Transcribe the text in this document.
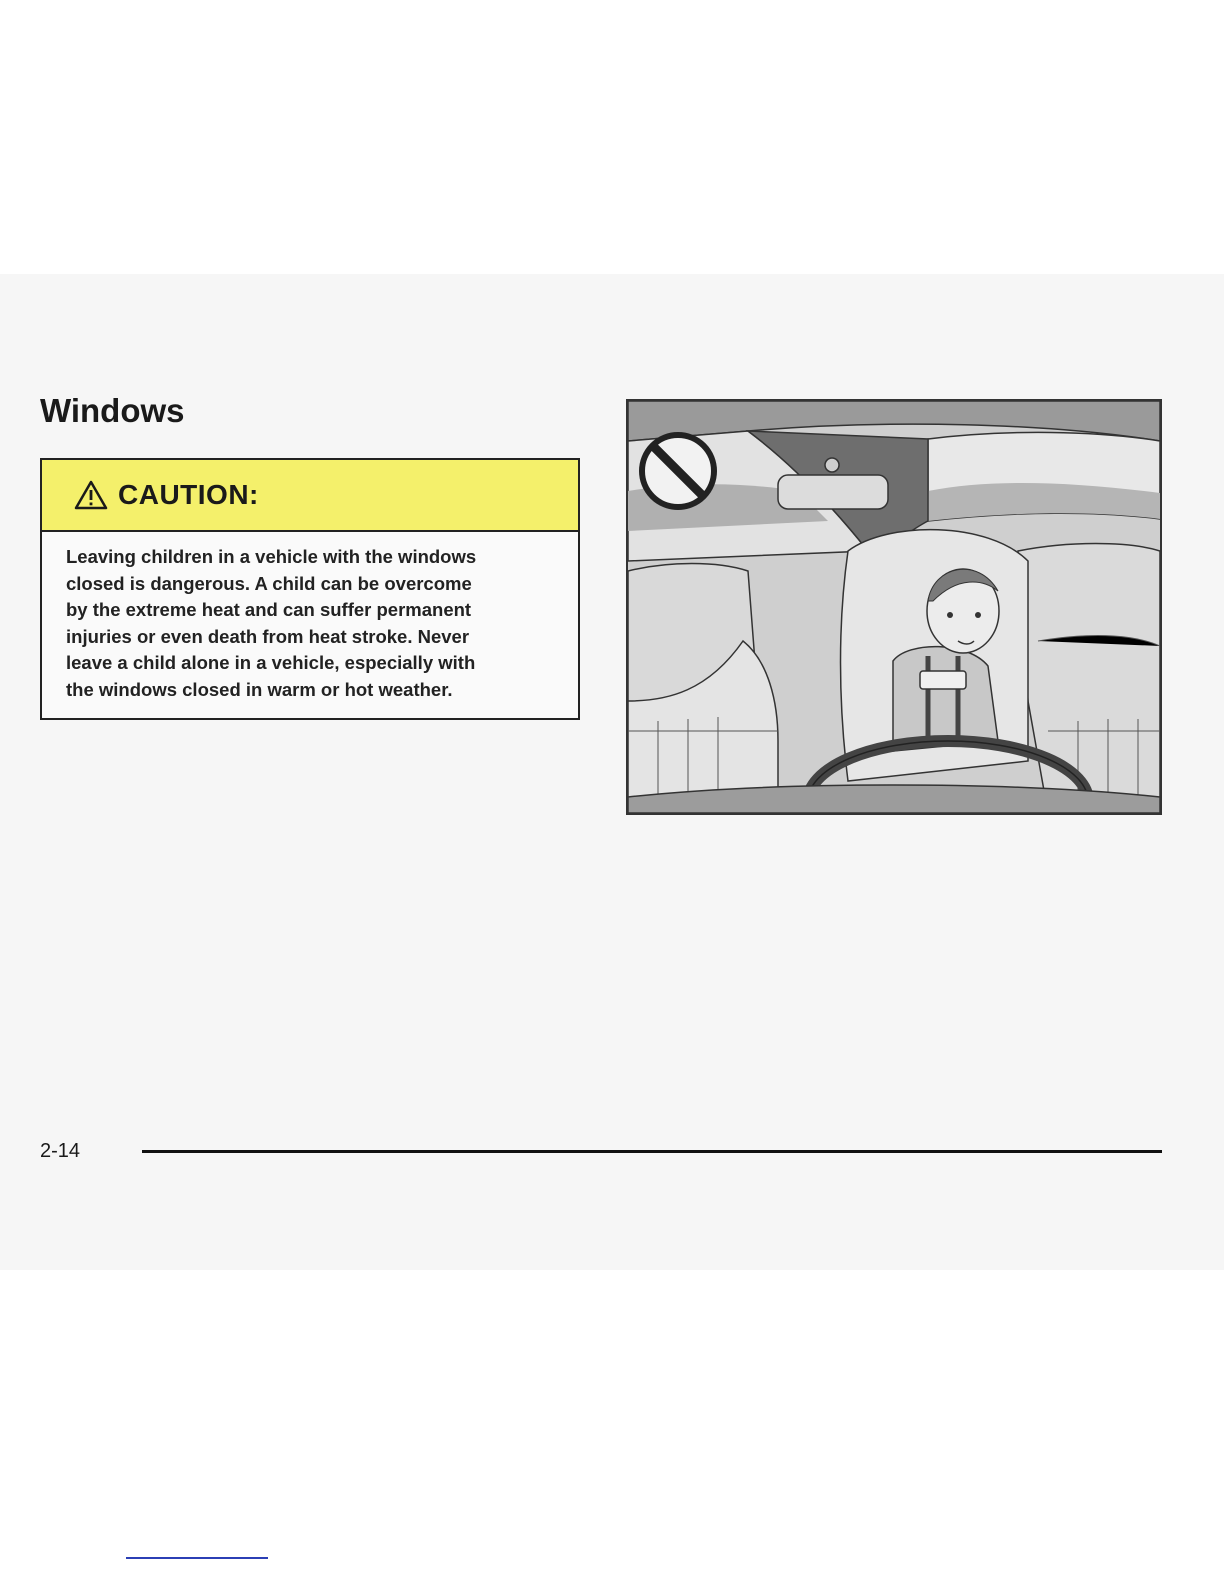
Windows
CAUTION:
Leaving children in a vehicle with the windows
closed is dangerous. A child can be overcome
by the extreme heat and can suffer permanent
injuries or even death from heat stroke. Never
leave a child alone in a vehicle, especially with
the windows closed in warm or hot weather.
2-14
